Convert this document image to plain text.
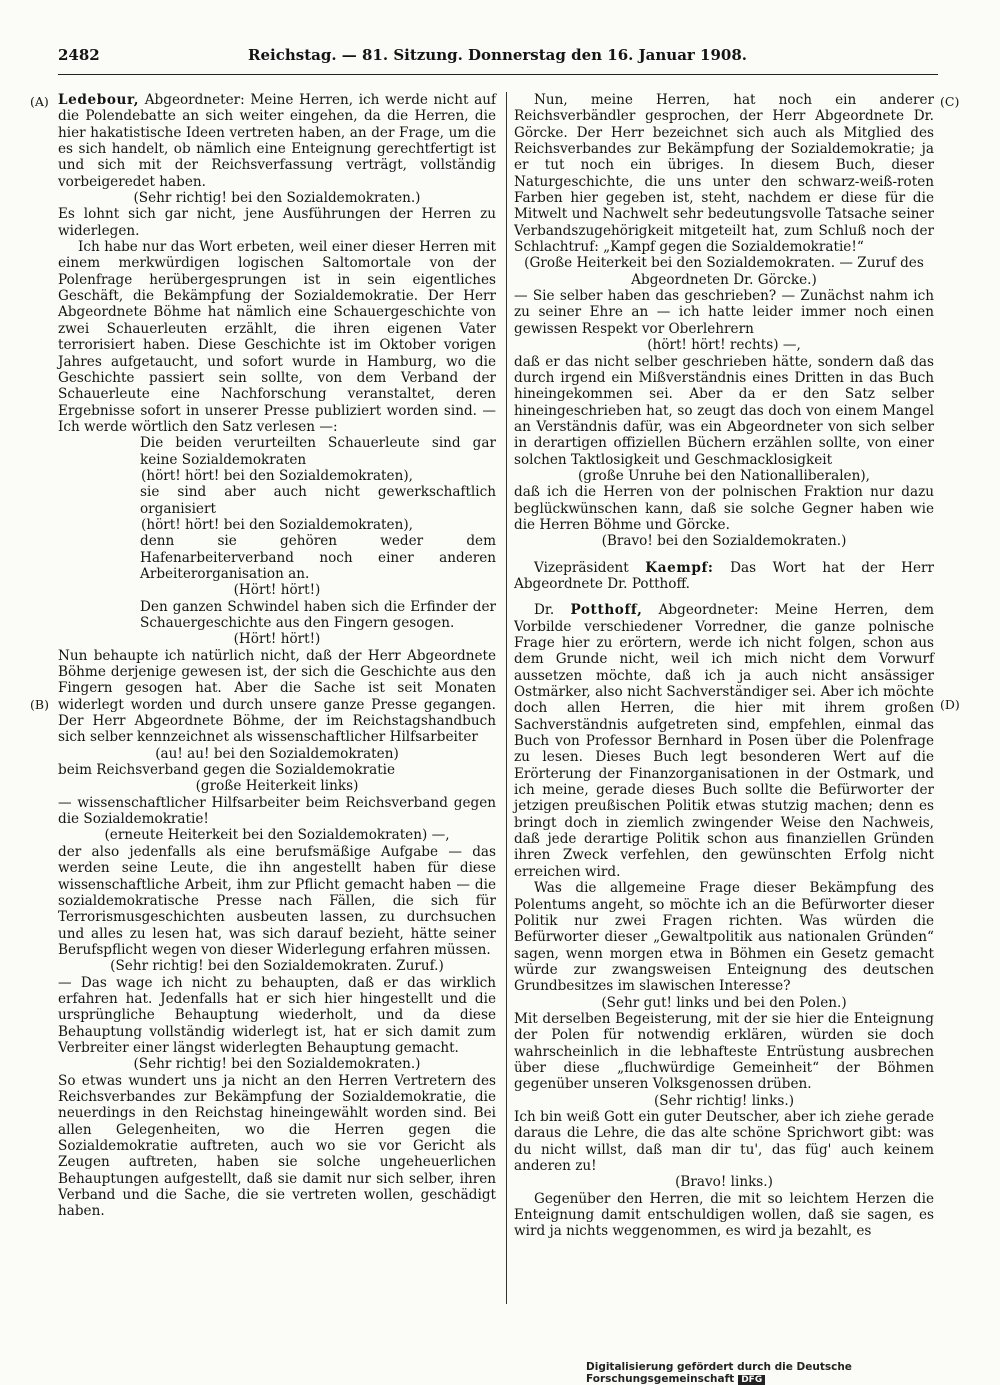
2482	Reichstag. — 81. Sitzung. Donnerstag den 16. Januar 1908.
(A)
(B)
(C)
(D)

Ledebour, Abgeordneter: Meine Herren, ich werde nicht auf die Polendebatte an sich weiter eingehen, da die Herren, die hier hakatistische Ideen vertreten haben, an der Frage, um die es sich handelt, ob nämlich eine Enteignung gerechtfertigt ist und sich mit der Reichsverfassung verträgt, vollständig vorbeigeredet haben.

(Sehr richtig! bei den Sozialdemokraten.)

Es lohnt sich gar nicht, jene Ausführungen der Herren zu widerlegen.

Ich habe nur das Wort erbeten, weil einer dieser Herren mit einem merkwürdigen logischen Saltomortale von der Polenfrage herübergesprungen ist in sein eigentliches Geschäft, die Bekämpfung der Sozialdemokratie. Der Herr Abgeordnete Böhme hat nämlich eine Schauergeschichte von zwei Schauerleuten erzählt, die ihren eigenen Vater terrorisiert haben. Diese Geschichte ist im Oktober vorigen Jahres aufgetaucht, und sofort wurde in Hamburg, wo die Geschichte passiert sein sollte, von dem Verband der Schauerleute eine Nachforschung veranstaltet, deren Ergebnisse sofort in unserer Presse publiziert worden sind. — Ich werde wörtlich den Satz verlesen —:

Die beiden verurteilten Schauerleute sind gar keine Sozialdemokraten

(hört! hört! bei den Sozialdemokraten),

sie sind aber auch nicht gewerkschaftlich organisiert

(hört! hört! bei den Sozialdemokraten),

denn sie gehören weder dem Hafenarbeiterverband noch einer anderen Arbeiterorganisation an.

(Hört! hört!)

Den ganzen Schwindel haben sich die Erfinder der Schauergeschichte aus den Fingern gesogen.

(Hört! hört!)

Nun behaupte ich natürlich nicht, daß der Herr Abgeordnete Böhme derjenige gewesen ist, der sich die Geschichte aus den Fingern gesogen hat. Aber die Sache ist seit Monaten widerlegt worden und durch unsere ganze Presse gegangen. Der Herr Abgeordnete Böhme, der im Reichstagshandbuch sich selber kennzeichnet als wissenschaftlicher Hilfsarbeiter

(au! au! bei den Sozialdemokraten)

beim Reichsverband gegen die Sozialdemokratie

(große Heiterkeit links)

— wissenschaftlicher Hilfsarbeiter beim Reichsverband gegen die Sozialdemokratie!

(erneute Heiterkeit bei den Sozialdemokraten) —,

der also jedenfalls als eine berufsmäßige Aufgabe — das werden seine Leute, die ihn angestellt haben für diese wissenschaftliche Arbeit, ihm zur Pflicht gemacht haben — die sozialdemokratische Presse nach Fällen, die sich für Terrorismusgeschichten ausbeuten lassen, zu durchsuchen und alles zu lesen hat, was sich darauf bezieht, hätte seiner Berufspflicht wegen von dieser Widerlegung erfahren müssen.

(Sehr richtig! bei den Sozialdemokraten. Zuruf.)

— Das wage ich nicht zu behaupten, daß er das wirklich erfahren hat. Jedenfalls hat er sich hier hingestellt und die ursprüngliche Behauptung wiederholt, und da diese Behauptung vollständig widerlegt ist, hat er sich damit zum Verbreiter einer längst widerlegten Behauptung gemacht.

(Sehr richtig! bei den Sozialdemokraten.)

So etwas wundert uns ja nicht an den Herren Vertretern des Reichsverbandes zur Bekämpfung der Sozialdemokratie, die neuerdings in den Reichstag hineingewählt worden sind. Bei allen Gelegenheiten, wo die Herren gegen die Sozialdemokratie auftreten, auch wo sie vor Gericht als Zeugen auftreten, haben sie solche ungeheuerlichen Behauptungen aufgestellt, daß sie damit nur sich selber, ihren Verband und die Sache, die sie vertreten wollen, geschädigt haben.

Nun, meine Herren, hat noch ein anderer Reichsverbändler gesprochen, der Herr Abgeordnete Dr. Görcke. Der Herr bezeichnet sich auch als Mitglied des Reichsverbandes zur Bekämpfung der Sozialdemokratie; ja er tut noch ein übriges. In diesem Buch, dieser Naturgeschichte, die uns unter den schwarz-weiß-roten Farben hier gegeben ist, steht, nachdem er diese für die Mitwelt und Nachwelt sehr bedeutungsvolle Tatsache seiner Verbandszugehörigkeit mitgeteilt hat, zum Schluß noch der Schlachtruf: „Kampf gegen die Sozialdemokratie!“

(Große Heiterkeit bei den Sozialdemokraten. — Zuruf des Abgeordneten Dr. Görcke.)

— Sie selber haben das geschrieben? — Zunächst nahm ich zu seiner Ehre an — ich hatte leider immer noch einen gewissen Respekt vor Oberlehrern

(hört! hört! rechts) —,

daß er das nicht selber geschrieben hätte, sondern daß das durch irgend ein Mißverständnis eines Dritten in das Buch hineingekommen sei. Aber da er den Satz selber hineingeschrieben hat, so zeugt das doch von einem Mangel an Verständnis dafür, was ein Abgeordneter von sich selber in derartigen offiziellen Büchern erzählen sollte, von einer solchen Taktlosigkeit und Geschmacklosigkeit

(große Unruhe bei den Nationalliberalen),

daß ich die Herren von der polnischen Fraktion nur dazu beglückwünschen kann, daß sie solche Gegner haben wie die Herren Böhme und Görcke.

(Bravo! bei den Sozialdemokraten.)

Vizepräsident Kaempf: Das Wort hat der Herr Abgeordnete Dr. Potthoff.

Dr. Potthoff, Abgeordneter: Meine Herren, dem Vorbilde verschiedener Vorredner, die ganze polnische Frage hier zu erörtern, werde ich nicht folgen, schon aus dem Grunde nicht, weil ich mich nicht dem Vorwurf aussetzen möchte, daß ich ja auch nicht ansässiger Ostmärker, also nicht Sachverständiger sei. Aber ich möchte doch allen Herren, die hier mit ihrem großen Sachverständnis aufgetreten sind, empfehlen, einmal das Buch von Professor Bernhard in Posen über die Polenfrage zu lesen. Dieses Buch legt besonderen Wert auf die Erörterung der Finanzorganisationen in der Ostmark, und ich meine, gerade dieses Buch sollte die Befürworter der jetzigen preußischen Politik etwas stutzig machen; denn es bringt doch in ziemlich zwingender Weise den Nachweis, daß jede derartige Politik schon aus finanziellen Gründen ihren Zweck verfehlen, den gewünschten Erfolg nicht erreichen wird.

Was die allgemeine Frage dieser Bekämpfung des Polentums angeht, so möchte ich an die Befürworter dieser Politik nur zwei Fragen richten. Was würden die Befürworter dieser „Gewaltpolitik aus nationalen Gründen“ sagen, wenn morgen etwa in Böhmen ein Gesetz gemacht würde zur zwangsweisen Enteignung des deutschen Grundbesitzes im slawischen Interesse?

(Sehr gut! links und bei den Polen.)

Mit derselben Begeisterung, mit der sie hier die Enteignung der Polen für notwendig erklären, würden sie doch wahrscheinlich in die lebhafteste Entrüstung ausbrechen über diese „fluchwürdige Gemeinheit“ der Böhmen gegenüber unseren Volksgenossen drüben.

(Sehr richtig! links.)

Ich bin weiß Gott ein guter Deutscher, aber ich ziehe gerade daraus die Lehre, die das alte schöne Sprichwort gibt: was du nicht willst, daß man dir tu', das füg' auch keinem anderen zu!

(Bravo! links.)

Gegenüber den Herren, die mit so leichtem Herzen die Enteignung damit entschuldigen wollen, daß sie sagen, es wird ja nichts weggenommen, es wird ja bezahlt, es

Digitalisierung gefördert durch die Deutsche Forschungsgemeinschaft DFG
